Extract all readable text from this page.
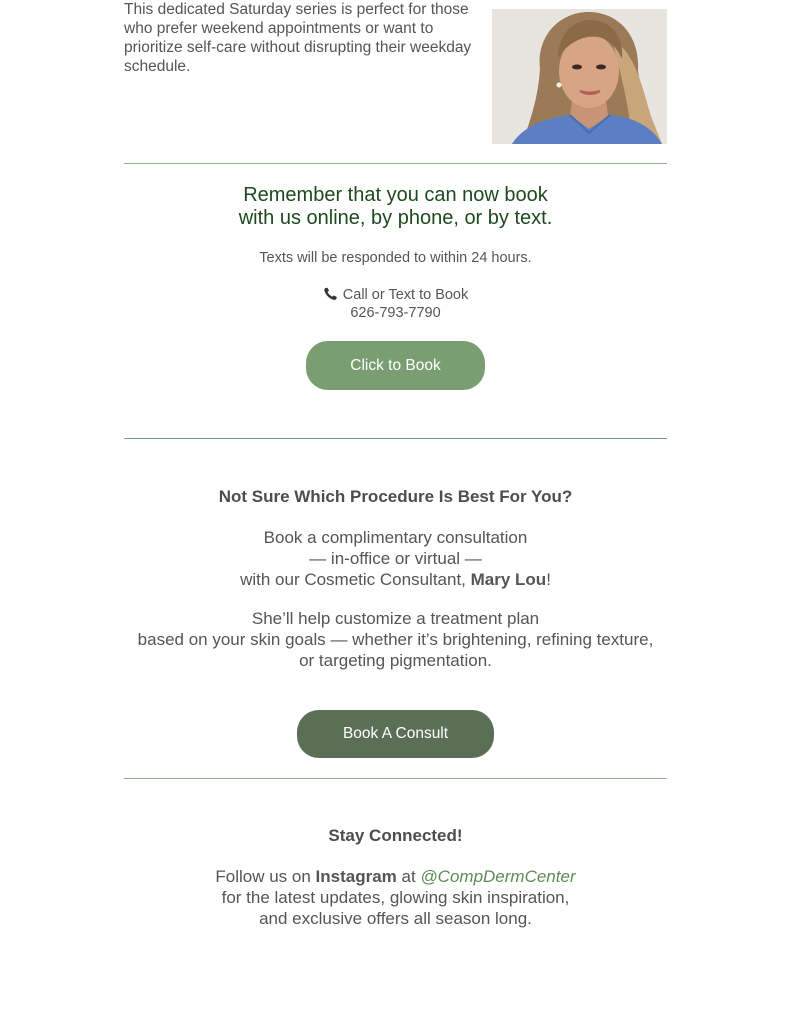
This dedicated Saturday series is perfect for those who prefer weekend appointments or want to prioritize self-care without disrupting their weekday schedule.

Remember that you can now book
with us online, by phone, or by text.
Texts will be responded to within 24 hours.
Call or Text to Book
626-793-7790
Click to Book
Not Sure Which Procedure Is Best For You?
Book a complimentary consultation
— in-office or virtual —
with our Cosmetic Consultant, Mary Lou!
She’ll help customize a treatment plan
based on your skin goals — whether it’s brightening, refining texture,
or targeting pigmentation.
Book A Consult
Stay Connected!
Follow us on Instagram at @CompDermCenter
for the latest updates, glowing skin inspiration,
and exclusive offers all season long.
